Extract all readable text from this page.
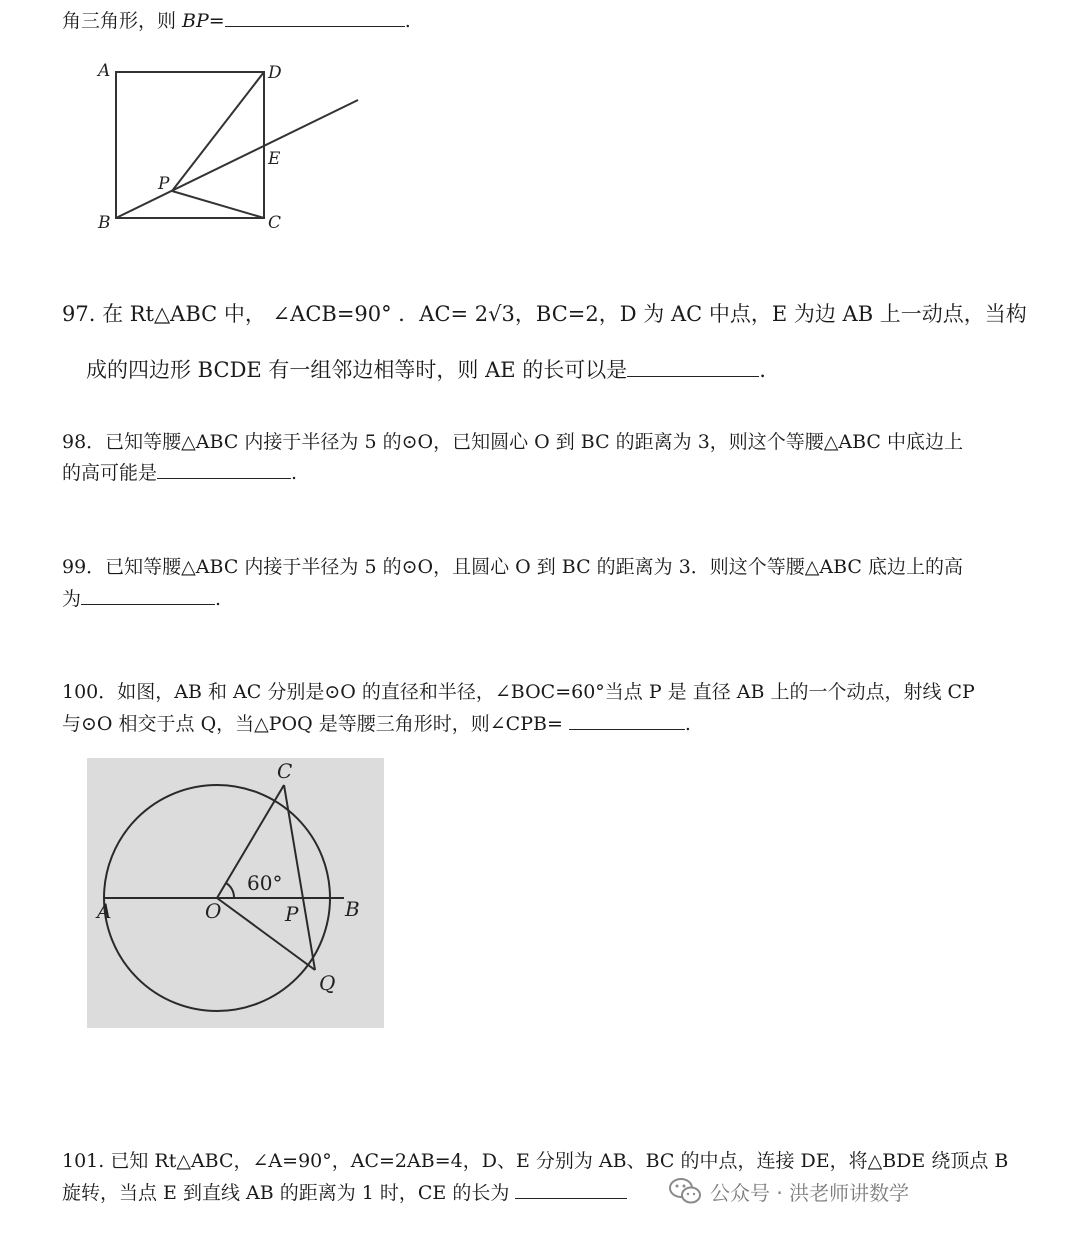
角三角形，则 BP=	.
A	D
E
P
B	C
97. 在 Rt△ABC 中， ∠ACB=90° ．AC= 2√3，BC=2，D 为 AC 中点，E 为边 AB 上一动点，当构
成的四边形 BCDE 有一组邻边相等时，则 AE 的长可以是	.
98．已知等腰△ABC 内接于半径为 5 的⊙O，已知圆心 O 到 BC 的距离为 3，则这个等腰△ABC 中底边上
的高可能是	.
99．已知等腰△ABC 内接于半径为 5 的⊙O，且圆心 O 到 BC 的距离为 3．则这个等腰△ABC 底边上的高
为	.
100．如图，AB 和 AC 分别是⊙O 的直径和半径，∠BOC=60°当点 P 是 直径 AB 上的一个动点，射线 CP
与⊙O 相交于点 Q，当△POQ 是等腰三角形时，则∠CPB=	.
C
60°
A	O	P B
Q
101. 已知 Rt△ABC，∠A=90°，AC=2AB=4，D、E 分别为 AB、BC 的中点，连接 DE，将△BDE 绕顶点 B
旋转，当点 E 到直线 AB 的距离为 1 时，CE 的长为	公众号 · 洪老师讲数学
